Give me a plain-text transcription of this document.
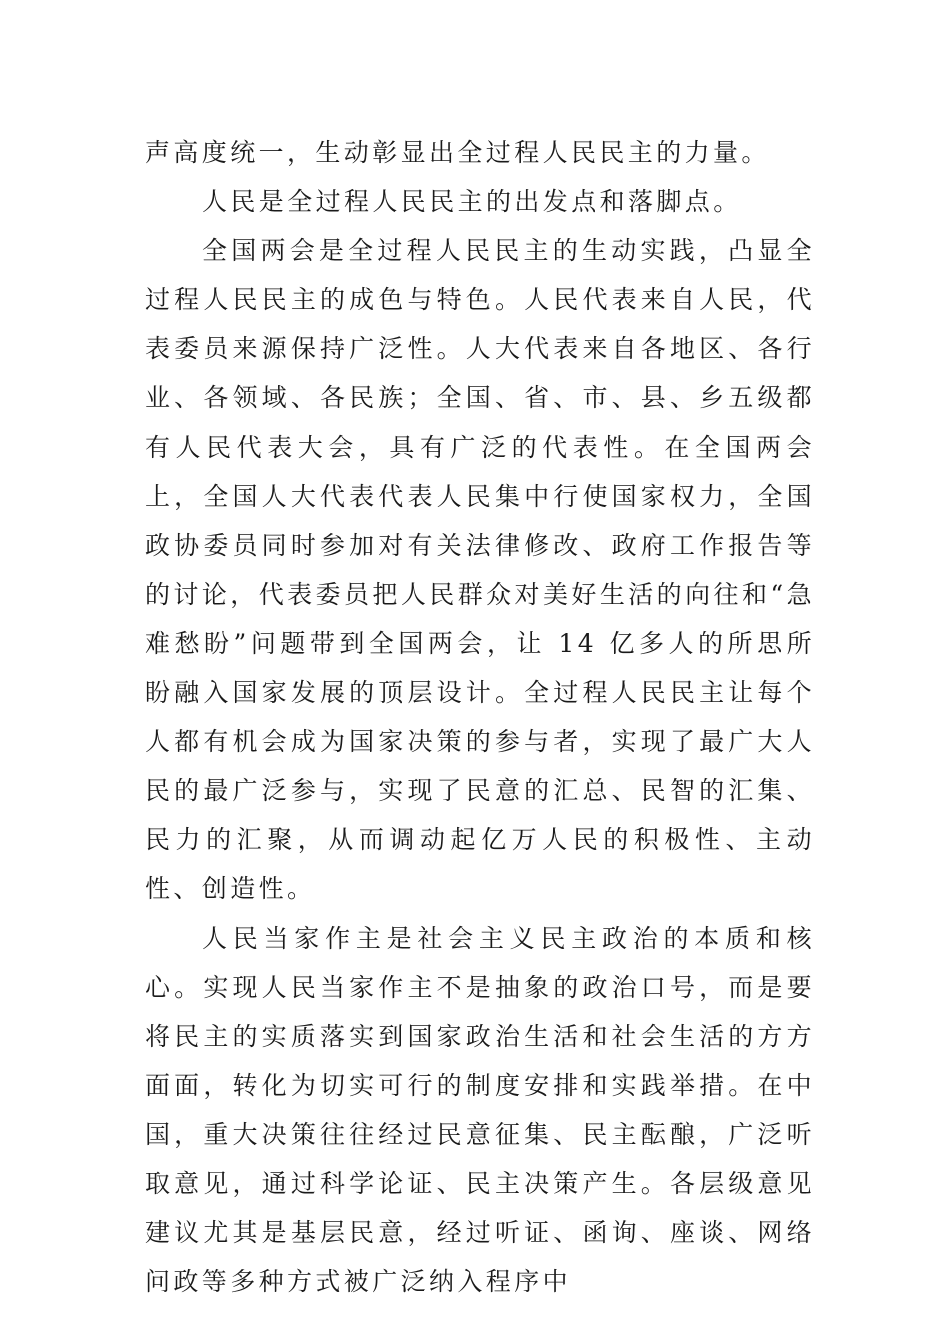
声高度统一，生动彰显出全过程人民民主的力量。

人民是全过程人民民主的出发点和落脚点。

全国两会是全过程人民民主的生动实践，凸显全过程人民民主的成色与特色。人民代表来自人民，代表委员来源保持广泛性。人大代表来自各地区、各行业、各领域、各民族；全国、省、市、县、乡五级都有人民代表大会，具有广泛的代表性。在全国两会上，全国人大代表代表人民集中行使国家权力，全国政协委员同时参加对有关法律修改、政府工作报告等的讨论，代表委员把人民群众对美好生活的向往和“急难愁盼”问题带到全国两会，让 14 亿多人的所思所盼融入国家发展的顶层设计。全过程人民民主让每个人都有机会成为国家决策的参与者，实现了最广大人民的最广泛参与，实现了民意的汇总、民智的汇集、民力的汇聚，从而调动起亿万人民的积极性、主动性、创造性。

人民当家作主是社会主义民主政治的本质和核心。实现人民当家作主不是抽象的政治口号，而是要将民主的实质落实到国家政治生活和社会生活的方方面面，转化为切实可行的制度安排和实践举措。在中国，重大决策往往经过民意征集、民主酝酿，广泛听取意见，通过科学论证、民主决策产生。各层级意见建议尤其是基层民意，经过听证、函询、座谈、网络问政等多种方式被广泛纳入程序中
